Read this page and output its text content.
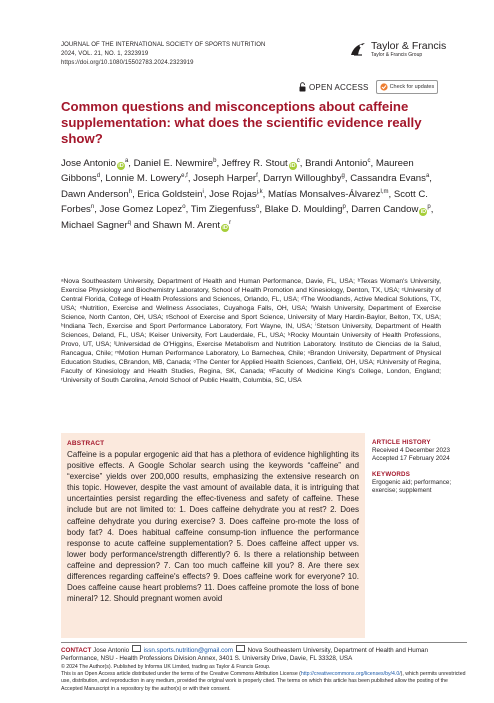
JOURNAL OF THE INTERNATIONAL SOCIETY OF SPORTS NUTRITION
2024, VOL. 21, NO. 1, 2323919
https://doi.org/10.1080/15502783.2024.2323919
Taylor & Francis
Taylor & Francis Group
OPEN ACCESS	Check for updates
Common questions and misconceptions about caffeine supplementation: what does the scientific evidence really show?

Jose Antonio $iD^a$, Daniel E. Newmire$^b$, Jeffrey R. Stout $iD^c$, Brandi Antonio$^c$, Maureen Gibbons$^d$, Lonnie M. Lowery$^{e,f}$, Joseph Harper$^f$, Darryn Willoughby$^g$, Cassandra Evans$^a$, Dawn Anderson$^h$, Erica Goldstein$^i$, Jose Rojas$^{j,k}$, Matías Monsalves-Álvarez$^{l,m}$, Scott C. Forbes$^n$, Jose Gomez Lopez$^o$, Tim Ziegenfuss$^o$, Blake D. Moulding$^p$, Darren Candow $iD^p$, Michael Sagner$^q$ and Shawn M. Arent $iD^r$

ᵃNova Southeastern University, Department of Health and Human Performance, Davie, FL, USA; ᵇTexas Woman's University, Exercise Physiology and Biochemistry Laboratory, School of Health Promotion and Kinesiology, Denton, TX, USA; ᶜUniversity of Central Florida, College of Health Professions and Sciences, Orlando, FL, USA; ᵈThe Woodlands, Active Medical Solutions, TX, USA; ᵉNutrition, Exercise and Wellness Associates, Cuyahoga Falls, OH, USA; ᶠWalsh University, Department of Exercise Science, North Canton, OH, USA; ᵍSchool of Exercise and Sport Science, University of Mary Hardin-Baylor, Belton, TX, USA; ʰIndiana Tech, Exercise and Sport Performance Laboratory, Fort Wayne, IN, USA; ⁱStetson University, Department of Health Sciences, Deland, FL, USA; ʲKeiser University, Fort Lauderdale, FL, USA; ᵏRocky Mountain University of Health Professions, Provo, UT, USA; ˡUniversidad de O'Higgins, Exercise Metabolism and Nutrition Laboratory. Instituto de Ciencias de la Salud, Rancagua, Chile; ᵐMotion Human Performance Laboratory, Lo Barnechea, Chile; ⁿBrandon University, Department of Physical Education Studies, CBrandon, MB, Canada; ᵒThe Center for Applied Health Sciences, Canfield, OH, USA; ᵖUniversity of Regina, Faculty of Kinesiology and Health Studies, Regina, SK, Canada; ᵠFaculty of Medicine King's College, London, England; ʳUniversity of South Carolina, Arnold School of Public Health, Columbia, SC, USA

ABSTRACT

Caffeine is a popular ergogenic aid that has a plethora of evidence highlighting its positive effects. A Google Scholar search using the keywords “caffeine” and “exercise” yields over 200,000 results, emphasizing the extensive research on this topic. However, despite the vast amount of available data, it is intriguing that uncertainties persist regarding the effec-tiveness and safety of caffeine. These include but are not limited to: 1. Does caffeine dehydrate you at rest? 2. Does caffeine dehydrate you during exercise? 3. Does caffeine pro-mote the loss of body fat? 4. Does habitual caffeine consump-tion influence the performance response to acute caffeine supplementation? 5. Does caffeine affect upper vs. lower body performance/strength differently? 6. Is there a relationship between caffeine and depression? 7. Can too much caffeine kill you? 8. Are there sex differences regarding caffeine's effects? 9. Does caffeine work for everyone? 10. Does caffeine cause heart problems? 11. Does caffeine promote the loss of bone mineral? 12. Should pregnant women avoid

ARTICLE HISTORY
Received 4 December 2023
Accepted 17 February 2024
KEYWORDS
Ergogenic aid; performance; exercise; supplement

CONTACT Jose Antonio issn.sports.nutrition@gmail.com Nova Southeastern University, Department of Health and Human Performance, NSU - Health Professions Division Annex, 3401 S. University Drive, Davie, FL 33328, USA

© 2024 The Author(s). Published by Informa UK Limited, trading as Taylor & Francis Group.
This is an Open Access article distributed under the terms of the Creative Commons Attribution License (http://creativecommons.org/licenses/by/4.0/), which permits unrestricted use, distribution, and reproduction in any medium, provided the original work is properly cited. The terms on which this article has been published allow the posting of the Accepted Manuscript in a repository by the author(s) or with their consent.
